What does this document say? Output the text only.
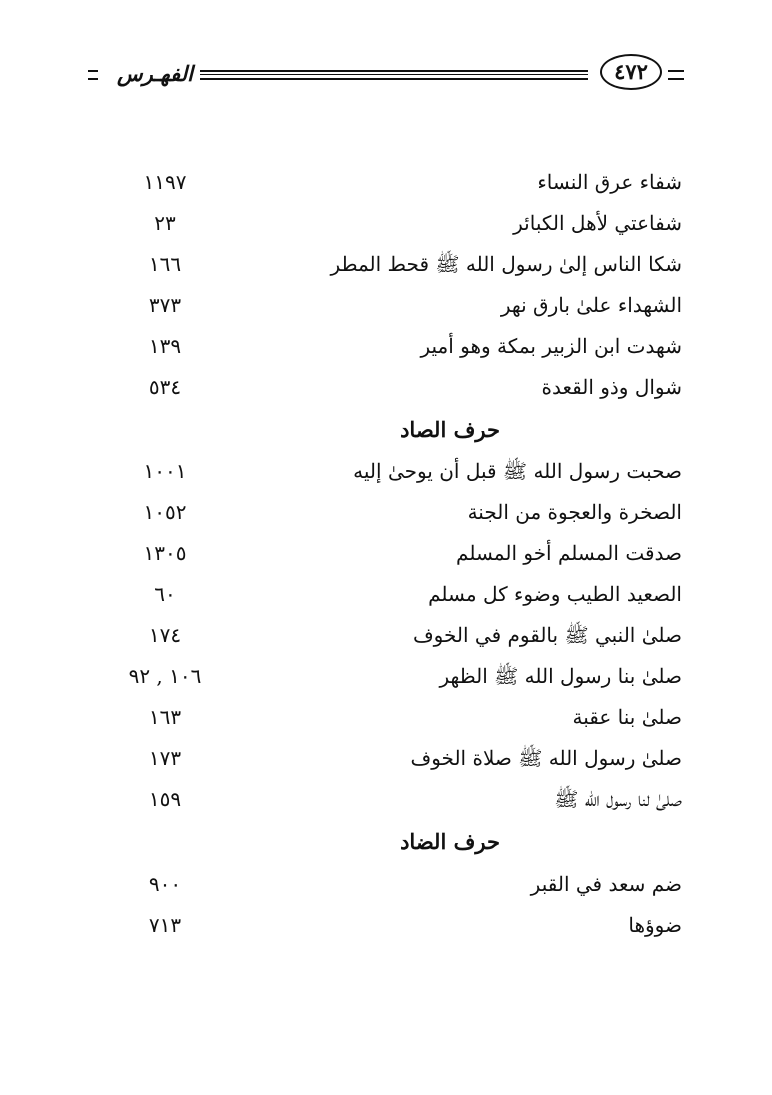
الفهـرس	٤٧٢
شفاء عرق النساء
١١٩٧
شفاعتي لأهل الكبائر
٢٣
شكا الناس إلىٰ رسول الله ﷺ قحط المطر
١٦٦
الشهداء علىٰ بارق نهر
٣٧٣
شهدت ابن الزبير بمكة وهو أمير
١٣٩
شوال وذو القعدة
٥٣٤
حرف الصاد
صحبت رسول الله ﷺ قبل أن يوحىٰ إليه
١٠٠١
الصخرة والعجوة من الجنة
١٠٥٢
صدقت المسلم أخو المسلم
١٣٠٥
الصعيد الطيب وضوء كل مسلم
٦٠
صلىٰ النبي ﷺ بالقوم في الخوف
١٧٤
صلىٰ بنا رسول الله ﷺ الظهر
١٠٦ , ٩٢
صلىٰ بنا عقبة
١٦٣
صلىٰ رسول الله ﷺ صلاة الخوف
١٧٣
صلىٰ لنا رسول الله ﷺ
١٥٩
حرف الضاد
ضم سعد في القبر
٩٠٠
ضوؤها
٧١٣
